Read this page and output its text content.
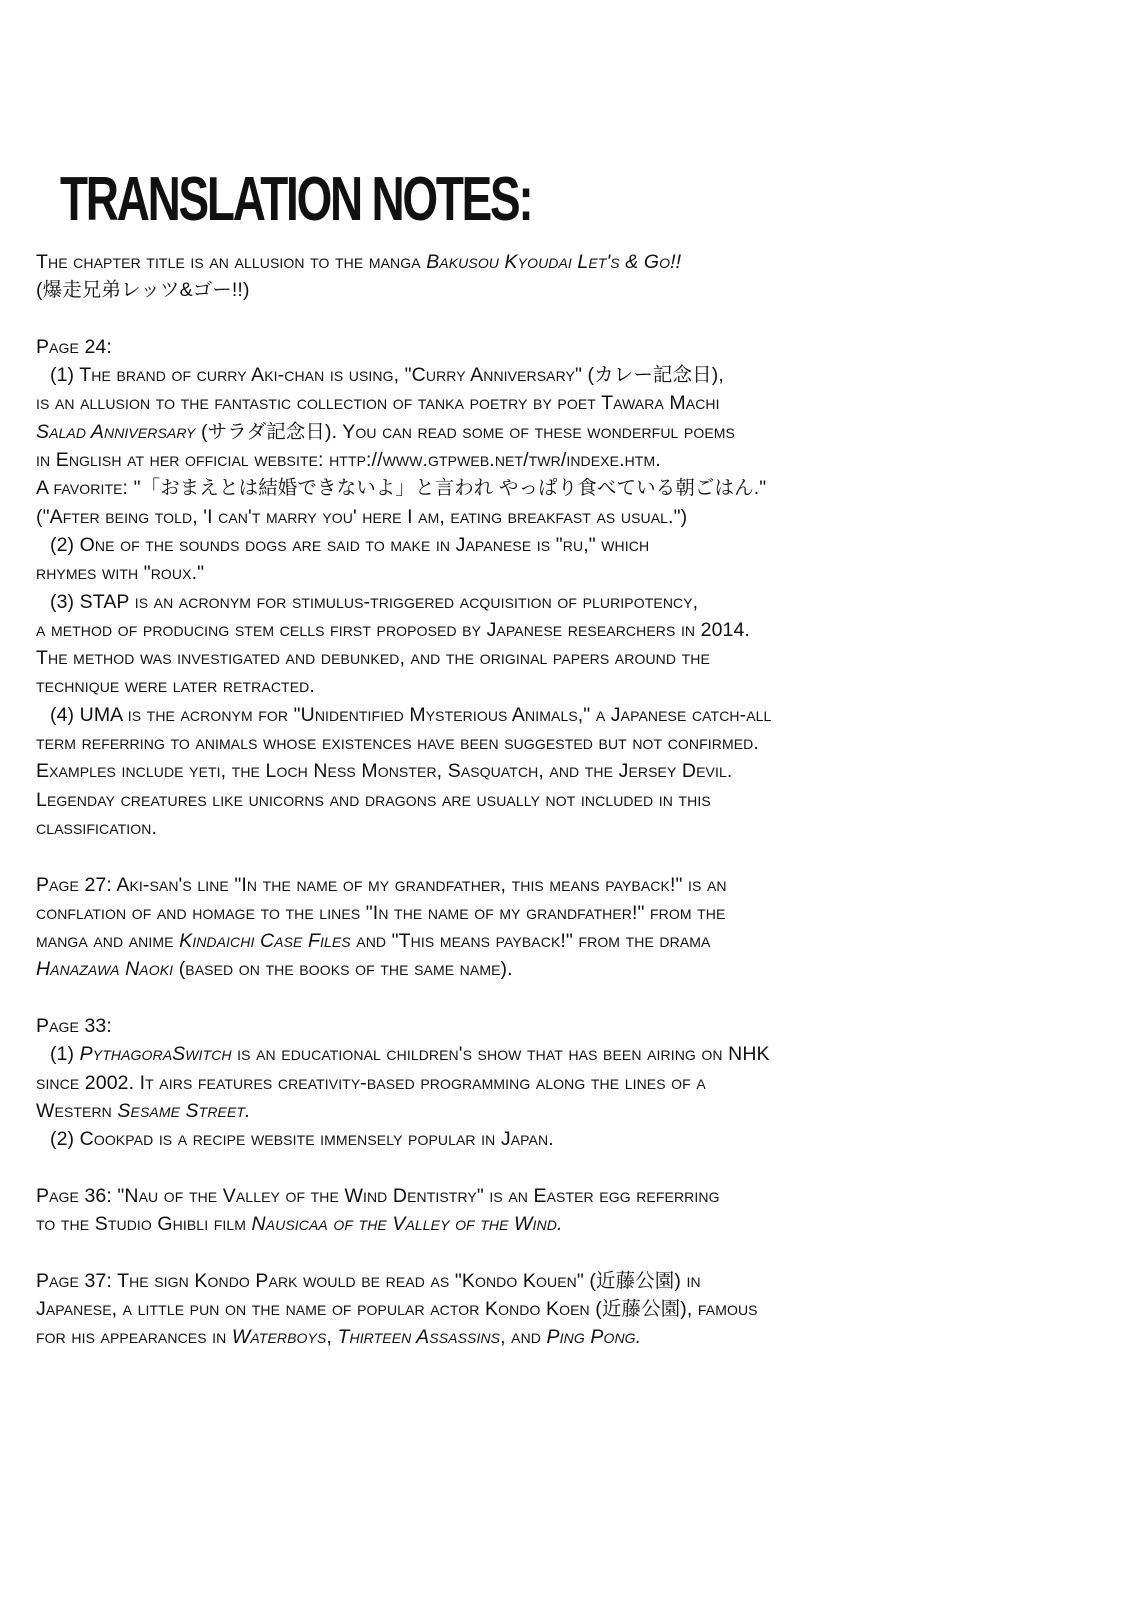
TRANSLATION NOTES:
The chapter title is an allusion to the manga Bakusou Kyoudai Let's & Go!!
(爆走兄弟レッツ&ゴー!!)
Page 24:
(1) The brand of curry Aki-chan is using, "Curry Anniversary" (カレー記念日),
is an allusion to the fantastic collection of tanka poetry by poet Tawara Machi
Salad Anniversary (サラダ記念日). You can read some of these wonderful poems
in English at her official website: http://www.gtpweb.net/twr/indexe.htm.
A favorite: "「おまえとは結婚できないよ」と言われ やっぱり食べている朝ごはん."
("After being told, 'I can't marry you' here I am, eating breakfast as usual.")
(2) One of the sounds dogs are said to make in Japanese is "ru," which
rhymes with "roux."
(3) STAP is an acronym for stimulus-triggered acquisition of pluripotency,
a method of producing stem cells first proposed by Japanese researchers in 2014.
The method was investigated and debunked, and the original papers around the
technique were later retracted.
(4) UMA is the acronym for "Unidentified Mysterious Animals," a Japanese catch-all
term referring to animals whose existences have been suggested but not confirmed.
Examples include yeti, the Loch Ness Monster, Sasquatch, and the Jersey Devil.
Legenday creatures like unicorns and dragons are usually not included in this
classification.
Page 27: Aki-san's line "In the name of my grandfather, this means payback!" is an
conflation of and homage to the lines "In the name of my grandfather!" from the
manga and anime Kindaichi Case Files and "This means payback!" from the drama
Hanazawa Naoki (based on the books of the same name).
Page 33:
(1) PythagoraSwitch is an educational children's show that has been airing on NHK
since 2002. It airs features creativity-based programming along the lines of a
Western Sesame Street.
(2) Cookpad is a recipe website immensely popular in Japan.
Page 36: "Nau of the Valley of the Wind Dentistry" is an Easter egg referring
to the Studio Ghibli film Nausicaa of the Valley of the Wind.
Page 37: The sign Kondo Park would be read as "Kondo Kouen" (近藤公園) in
Japanese, a little pun on the name of popular actor Kondo Koen (近藤公園), famous
for his appearances in Waterboys, Thirteen Assassins, and Ping Pong.
